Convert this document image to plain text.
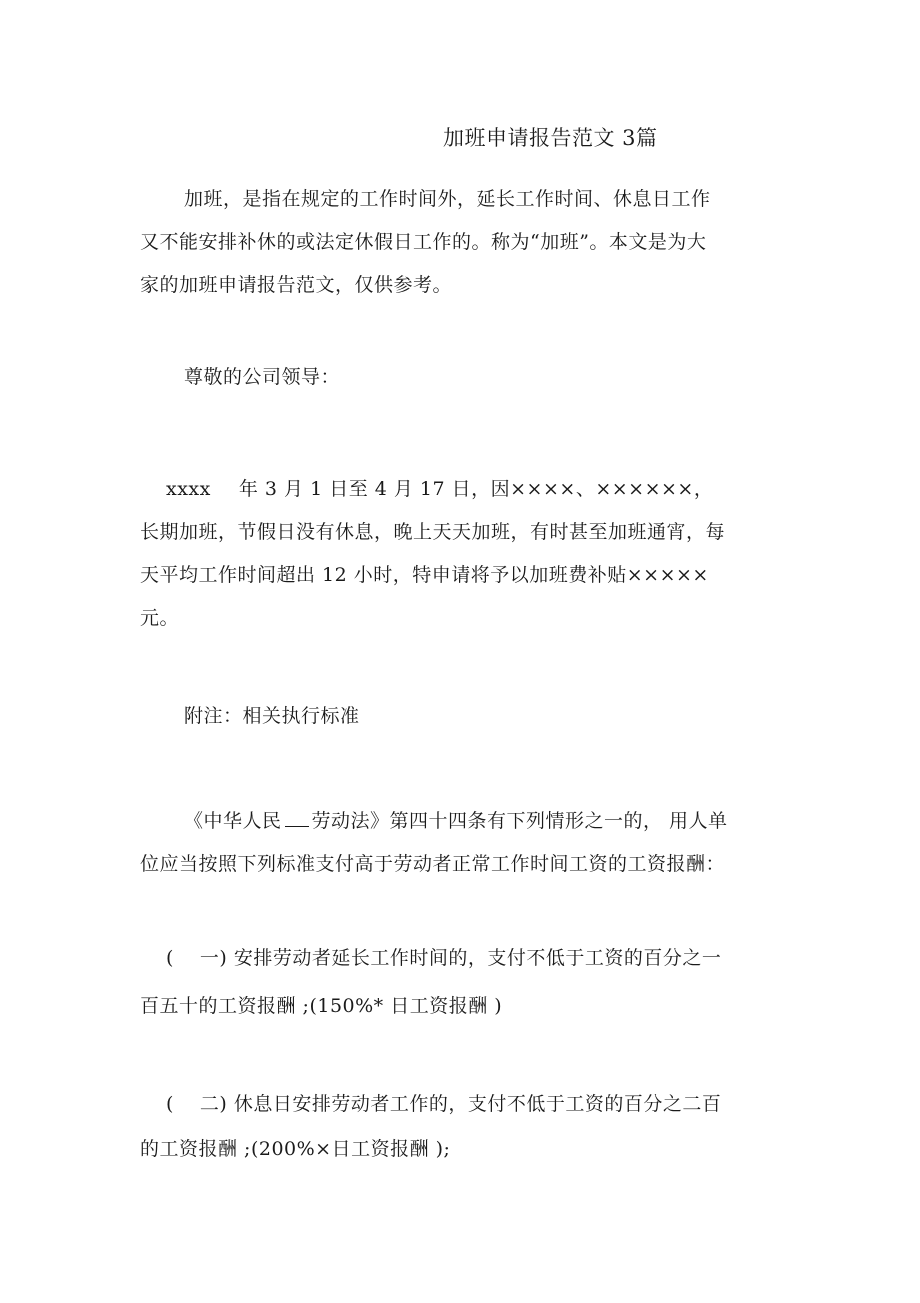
加班申请报告范文 3篇
加班，是指在规定的工作时间外，延长工作时间、休息日工作
又不能安排补休的或法定休假日工作的。称为“加班”。本文是为大
家的加班申请报告范文，仅供参考。
尊敬的公司领导：
xxxx 年 3 月 1 日至 4 月 17 日，因××××、××××××，
长期加班，节假日没有休息，晚上天天加班，有时甚至加班通宵，每
天平均工作时间超出 12 小时，特申请将予以加班费补贴×××××
元。
附注：相关执行标准
《中华人民 劳动法》第四十四条有下列情形之一的， 用人单
位应当按照下列标准支付高于劳动者正常工作时间工资的工资报酬：
( 一) 安排劳动者延长工作时间的，支付不低于工资的百分之一
百五十的工资报酬 ;(150%* 日工资报酬 )
( 二) 休息日安排劳动者工作的，支付不低于工资的百分之二百
的工资报酬 ;(200%×日工资报酬 );
